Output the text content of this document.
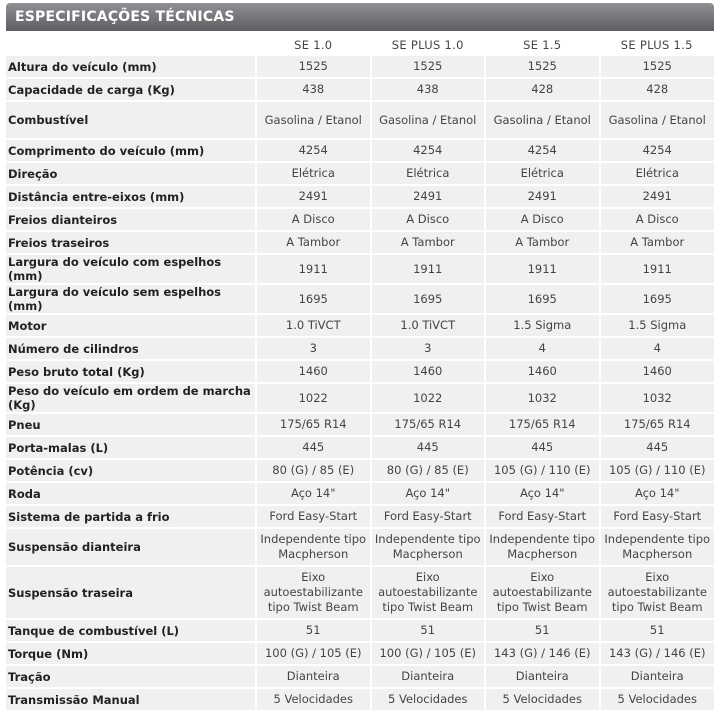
ESPECIFICAÇÕES TÉCNICAS
	SE 1.0	SE PLUS 1.0	SE 1.5	SE PLUS 1.5
Altura do veículo (mm)	1525	1525	1525	1525
Capacidade de carga (Kg)	438	438	428	428
Combustível	Gasolina / Etanol	Gasolina / Etanol	Gasolina / Etanol	Gasolina / Etanol
Comprimento do veículo (mm)	4254	4254	4254	4254
Direção	Elétrica	Elétrica	Elétrica	Elétrica
Distância entre-eixos (mm)	2491	2491	2491	2491
Freios dianteiros	A Disco	A Disco	A Disco	A Disco
Freios traseiros	A Tambor	A Tambor	A Tambor	A Tambor
Largura do veículo com espelhos (mm)	1911	1911	1911	1911
Largura do veículo sem espelhos (mm)	1695	1695	1695	1695
Motor	1.0 TiVCT	1.0 TiVCT	1.5 Sigma	1.5 Sigma
Número de cilindros	3	3	4	4
Peso bruto total (Kg)	1460	1460	1460	1460
Peso do veículo em ordem de marcha (Kg)	1022	1022	1032	1032
Pneu	175/65 R14	175/65 R14	175/65 R14	175/65 R14
Porta-malas (L)	445	445	445	445
Potência (cv)	80 (G) / 85 (E)	80 (G) / 85 (E)	105 (G) / 110 (E)	105 (G) / 110 (E)
Roda	Aço 14"	Aço 14"	Aço 14"	Aço 14"
Sistema de partida a frio	Ford Easy-Start	Ford Easy-Start	Ford Easy-Start	Ford Easy-Start
Suspensão dianteira	Independente tipo Macpherson	Independente tipo Macpherson	Independente tipo Macpherson	Independente tipo Macpherson
Suspensão traseira	Eixo autoestabilizante tipo Twist Beam	Eixo autoestabilizante tipo Twist Beam	Eixo autoestabilizante tipo Twist Beam	Eixo autoestabilizante tipo Twist Beam
Tanque de combustível (L)	51	51	51	51
Torque (Nm)	100 (G) / 105 (E)	100 (G) / 105 (E)	143 (G) / 146 (E)	143 (G) / 146 (E)
Tração	Dianteira	Dianteira	Dianteira	Dianteira
Transmissão Manual	5 Velocidades	5 Velocidades	5 Velocidades	5 Velocidades
